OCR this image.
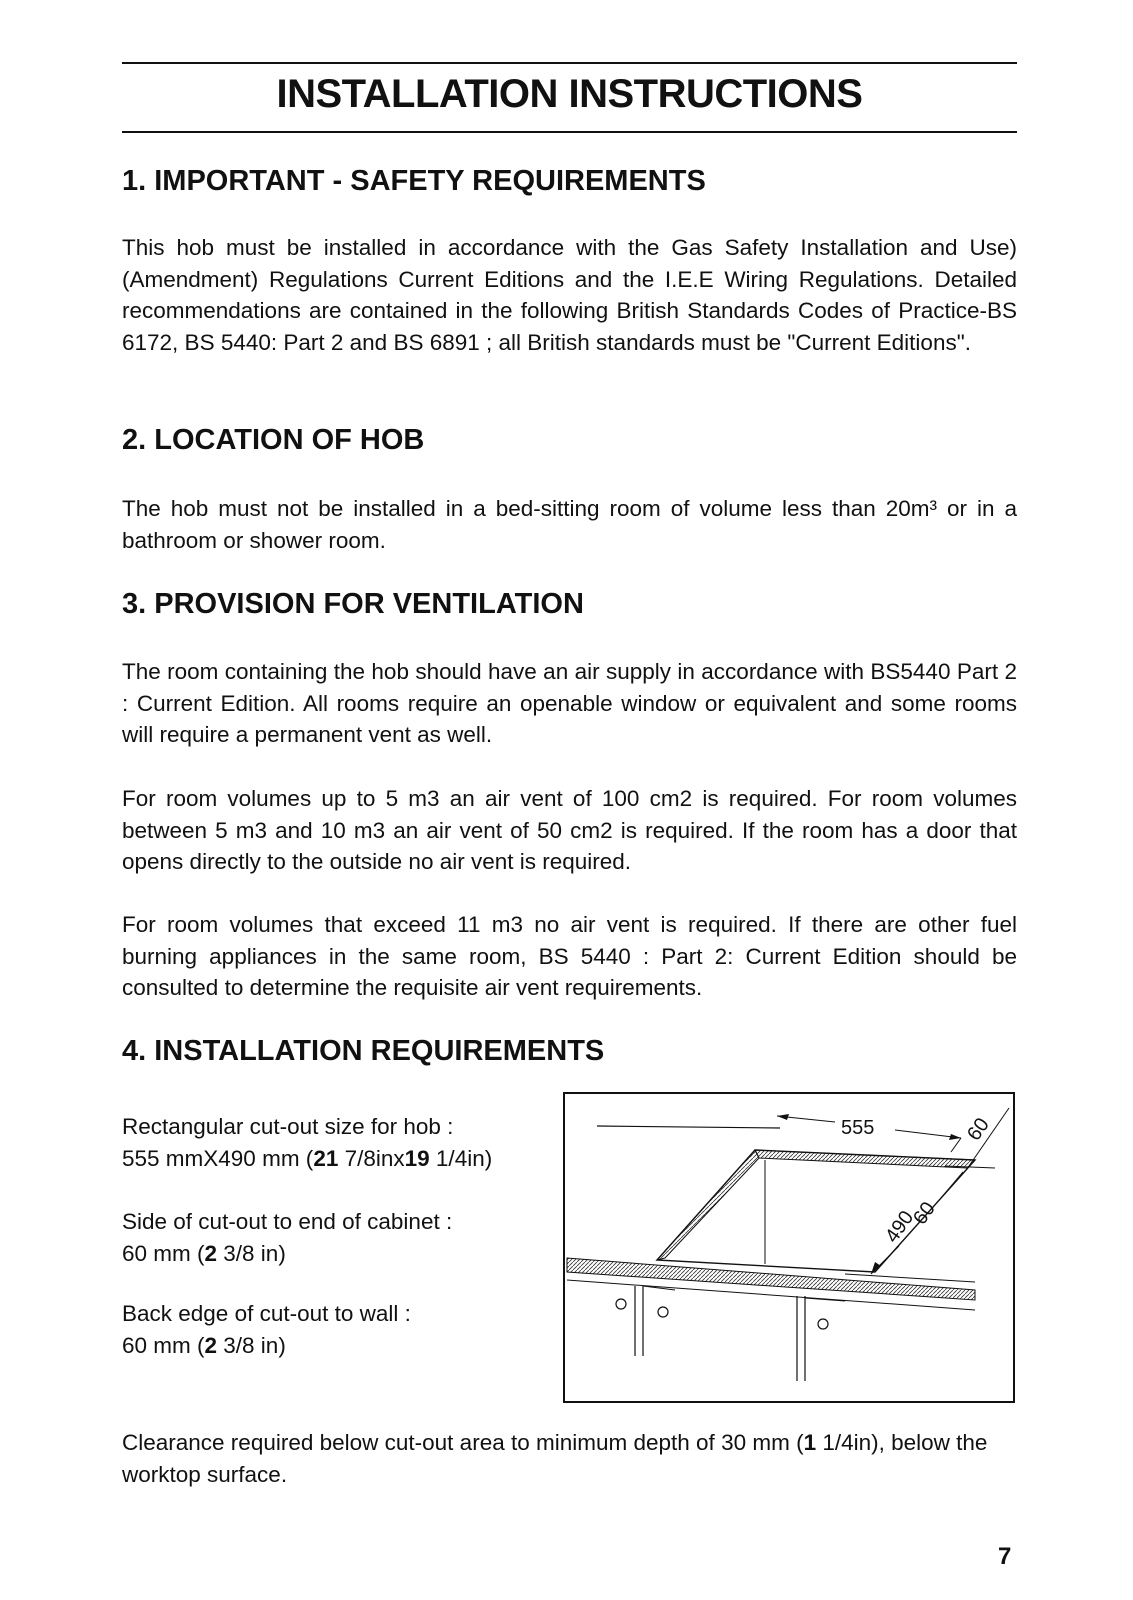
INSTALLATION INSTRUCTIONS
1. IMPORTANT - SAFETY REQUIREMENTS

This hob must be installed in accordance with the Gas Safety Installation and Use) (Amendment) Regulations Current Editions and the I.E.E Wiring Regulations. Detailed recommendations are contained in the following British Standards Codes of Practice-BS 6172, BS 5440: Part 2 and BS 6891 ; all British standards must be "Current Editions".

2. LOCATION OF HOB

The hob must not be installed in a bed-sitting room of volume less than 20m³ or in a bathroom or shower room.

3. PROVISION FOR VENTILATION

The room containing the hob should have an air supply in accordance with BS5440 Part 2 : Current Edition. All rooms require an openable window or equivalent and some rooms will require a permanent vent as well.

For room volumes up to 5 m3 an air vent of 100 cm2 is required. For room volumes between 5 m3 and 10 m3 an air vent of 50 cm2 is required. If the room has a door that opens directly to the outside no air vent is required.

For room volumes that exceed 11 m3 no air vent is required. If there are other fuel burning appliances in the same room, BS 5440 : Part 2: Current Edition should be consulted to determine the requisite air vent requirements.

4. INSTALLATION REQUIREMENTS
Rectangular cut-out size for hob :
555 mmX490 mm (21 7/8inx19 1/4in)
Side of cut-out to end of cabinet :
60 mm (2 3/8 in)
Back edge of cut-out to wall :
60 mm (2 3/8 in)
555	60
490
60

Clearance required below cut-out area to minimum depth of 30 mm (1 1/4in), below the worktop surface.

7
